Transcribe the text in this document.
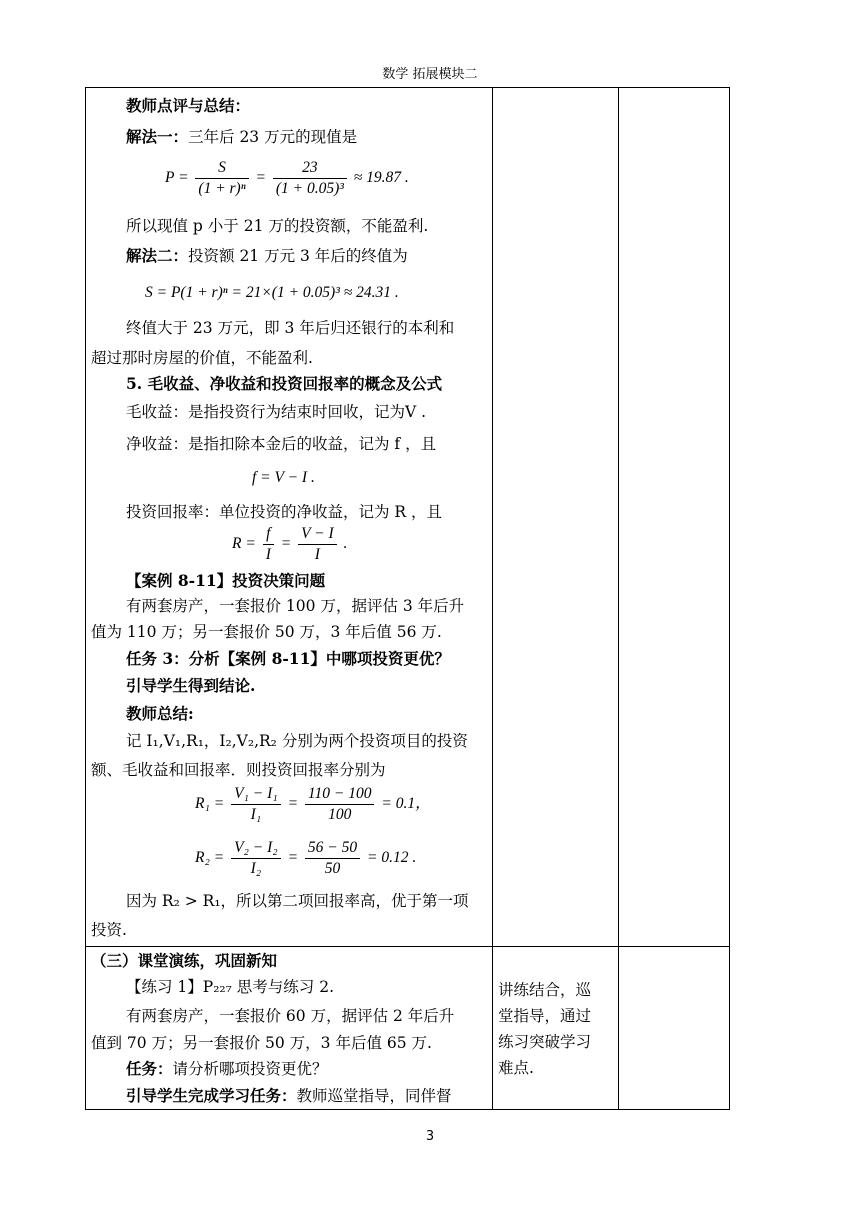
数学 拓展模块二
教师点评与总结：
解法一：三年后 23 万元的现值是
$P = \frac{S}{\text{(1 + r)ⁿ}} = \frac{23}{\text{(1 + 0.05)³}} \approx 19.87$ .
所以现值 p 小于 21 万的投资额，不能盈利.
解法二：投资额 21 万元 3 年后的终值为
S = P(1 + r)ⁿ = 21×(1 + 0.05)³ ≈ 24.31 .
终值大于 23 万元，即 3 年后归还银行的本利和
超过那时房屋的价值，不能盈利.
5. 毛收益、净收益和投资回报率的概念及公式
毛收益：是指投资行为结束时回收，记为V .
净收益：是指扣除本金后的收益，记为 f ，且
f = V − I .
投资回报率：单位投资的净收益，记为 R ，且
$R = \frac{f}{I} = \frac{V - I}{I}$ .
【案例 8-11】投资决策问题
有两套房产，一套报价 100 万，据评估 3 年后升
值为 110 万；另一套报价 50 万，3 年后值 56 万.
任务 3：分析【案例 8-11】中哪项投资更优？
引导学生得到结论.
教师总结:
记 I₁,V₁,R₁，I₂,V₂,R₂ 分别为两个投资项目的投资
额、毛收益和回报率．则投资回报率分别为
$R_1 = \frac{\text{V₁ − I₁}}{\text{I₁}} = \frac{110 - 100}{100} = 0.1$，
$R_2 = \frac{\text{V₂ − I₂}}{\text{I₂}} = \frac{56 - 50}{50} = 0.12$ .
因为 R₂ > R₁，所以第二项回报率高，优于第一项
投资.
（三）课堂演练，巩固新知
【练习 1】P₂₂₇ 思考与练习 2.
有两套房产，一套报价 60 万，据评估 2 年后升
值到 70 万；另一套报价 50 万，3 年后值 65 万.
任务：请分析哪项投资更优？
引导学生完成学习任务：教师巡堂指导，同伴督
讲练结合，巡
堂指导，通过
练习突破学习
难点.
3
